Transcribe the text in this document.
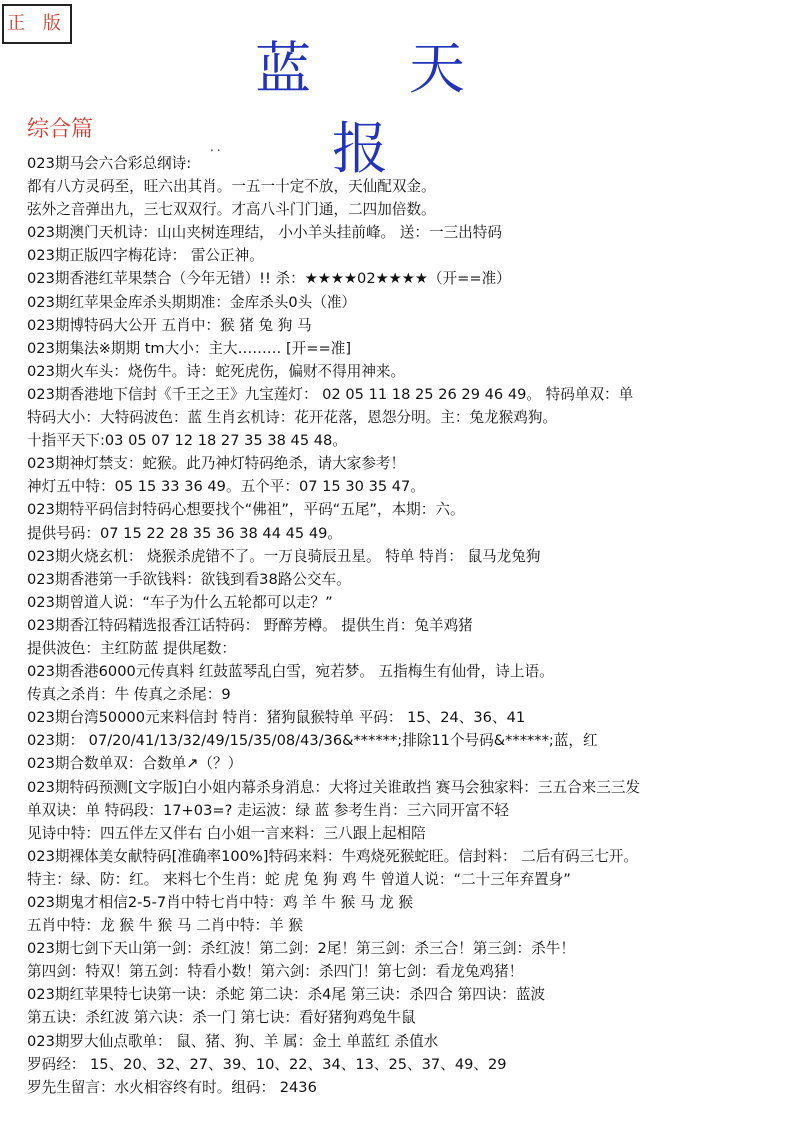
正 版
蓝 天 报
综合篇
..
023期马会六合彩总纲诗:
都有八方灵码至，旺六出其肖。一五一十定不放，天仙配双金。
弦外之音弹出九，三七双双行。才高八斗门门通，二四加倍数。
023期澳门天机诗：山山夹树连理结， 小小羊头挂前峰。 送：一三出特码
023期正版四字梅花诗： 雷公正神。
023期香港红苹果禁合（今年无错）!! 杀：★★★★02★★★★（开==准）
023期红苹果金库杀头期期准：金库杀头0头（准）
023期博特码大公开 五肖中：猴 猪 兔 狗 马
023期集法※期期 tm大小：主大……… [开==准]
023期火车头：烧伤牛。诗：蛇死虎伤，偏财不得用神来。
023期香港地下信封《千王之王》九宝莲灯： 02 05 11 18 25 26 29 46 49。 特码单双：单
特码大小：大特码波色：蓝 生肖玄机诗：花开花落，恩怨分明。主：兔龙猴鸡狗。
十指平天下:03 05 07 12 18 27 35 38 45 48。
023期神灯禁支：蛇猴。此乃神灯特码绝杀，请大家参考！
神灯五中特：05 15 33 36 49。五个平：07 15 30 35 47。
023期特平码信封特码心想要找个“佛祖”，平码“五尾”，本期：六。
提供号码：07 15 22 28 35 36 38 44 45 49。
023期火烧玄机： 烧猴杀虎错不了。一万良骑辰丑星。 特单 特肖： 鼠马龙兔狗
023期香港第一手欲钱料：欲钱到看38路公交车。
023期曾道人说：“车子为什么五轮都可以走？”
023期香江特码精选报香江话特码： 野醉芳樽。 提供生肖：兔羊鸡猪
提供波色：主红防蓝 提供尾数：
023期香港6000元传真料 红鼓蓝琴乱白雪，宛若梦。 五指梅生有仙骨，诗上语。
传真之杀肖：牛 传真之杀尾：9
023期台湾50000元来料信封 特肖：猪狗鼠猴特单 平码： 15、24、36、41
023期： 07/20/41/13/32/49/15/35/08/43/36&******;排除11个号码&******;蓝，红
023期合数单双：合数单↗（？）
023期特码预测[文字版]白小姐内幕杀身消息：大将过关谁敢挡 赛马会独家料：三五合来三三发
单双诀：单 特码段：17+03=? 走运波：绿 蓝 参考生肖：三六同开富不轻
见诗中特：四五伴左又伴右 白小姐一言来料：三八跟上起相陪
023期裸体美女献特码[准确率100%]特码来料：牛鸡烧死猴蛇旺。信封料： 二后有码三七开。
特主：绿、防：红。 来料七个生肖：蛇 虎 兔 狗 鸡 牛 曾道人说：“二十三年弃置身”
023期鬼才相信2-5-7肖中特七肖中特：鸡 羊 牛 猴 马 龙 猴
五肖中特：龙 猴 牛 猴 马 二肖中特：羊 猴
023期七剑下天山第一剑：杀红波！第二剑：2尾！第三剑：杀三合！第三剑：杀牛！
第四剑：特双！第五剑：特看小数！第六剑：杀四门！第七剑：看龙兔鸡猪！
023期红苹果特七诀第一诀：杀蛇 第二诀：杀4尾 第三诀：杀四合 第四诀：蓝波
第五诀：杀红波 第六诀：杀一门 第七诀：看好猪狗鸡兔牛鼠
023期罗大仙点歌单： 鼠、猪、狗、羊 属：金土 单蓝红 杀值水
罗码经： 15、20、32、27、39、10、22、34、13、25、37、49、29
罗先生留言：水火相容终有时。组码： 2436
